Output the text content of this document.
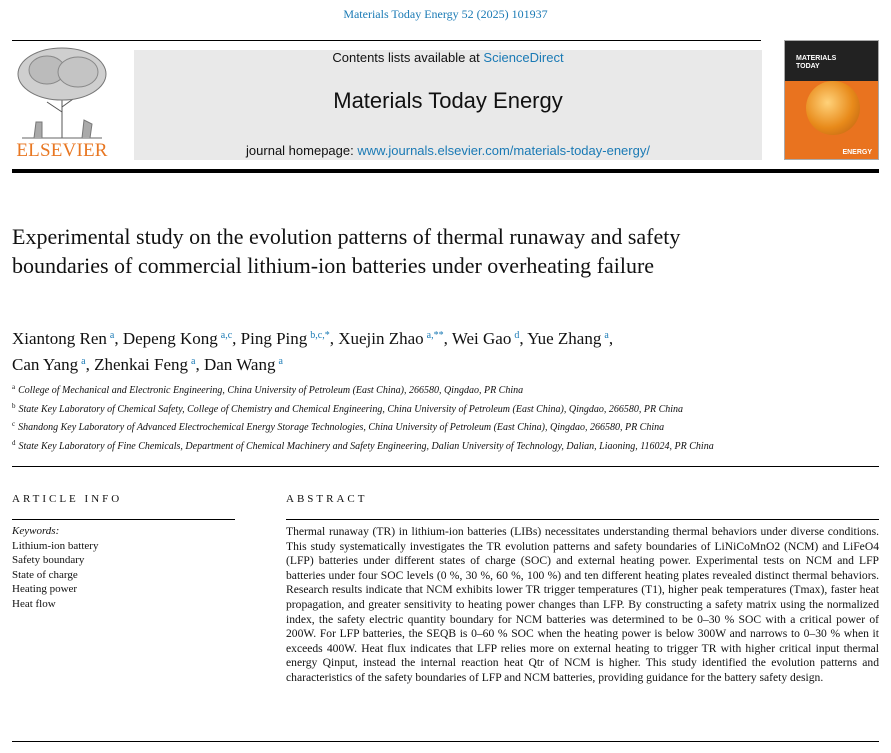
Materials Today Energy 52 (2025) 101937
ELSEVIER
Contents lists available at ScienceDirect
Materials Today Energy
journal homepage: www.journals.elsevier.com/materials-today-energy/
MATERIALS
TODAY
ENERGY
Experimental study on the evolution patterns of thermal runaway and safety boundaries of commercial lithium-ion batteries under overheating failure
Xiantong Ren $^a$, Depeng Kong $^{a,c}$, Ping Ping $^{b,c,*}$, Xuejin Zhao $^{a,**}$, Wei Gao $^d$, Yue Zhang $^a$,
Can Yang $^a$, Zhenkai Feng $^a$, Dan Wang $^a$
$^a$ College of Mechanical and Electronic Engineering, China University of Petroleum (East China), 266580, Qingdao, PR China
$^b$ State Key Laboratory of Chemical Safety, College of Chemistry and Chemical Engineering, China University of Petroleum (East China), Qingdao, 266580, PR China
$^c$ Shandong Key Laboratory of Advanced Electrochemical Energy Storage Technologies, China University of Petroleum (East China), Qingdao, 266580, PR China
$^d$ State Key Laboratory of Fine Chemicals, Department of Chemical Machinery and Safety Engineering, Dalian University of Technology, Dalian, Liaoning, 116024, PR China
ARTICLE INFO
Keywords:
Lithium-ion battery
Safety boundary
State of charge
Heating power
Heat flow
ABSTRACT
Thermal runaway (TR) in lithium-ion batteries (LIBs) necessitates understanding thermal behaviors under diverse conditions. This study systematically investigates the TR evolution patterns and safety boundaries of LiNiCoMnO2 (NCM) and LiFeO4 (LFP) batteries under different states of charge (SOC) and external heating power. Experimental tests on NCM and LFP batteries under four SOC levels (0 %, 30 %, 60 %, 100 %) and ten different heating plates revealed distinct thermal behaviors. Research results indicate that NCM exhibits lower TR trigger temperatures (T1), higher peak temperatures (Tmax), faster heat propagation, and greater sensitivity to heating power changes than LFP. By constructing a safety matrix using the normalized index, the safety electric quantity boundary for NCM batteries was determined to be 0–30 % SOC with a critical power of 200W. For LFP batteries, the SEQB is 0–60 % SOC when the heating power is below 300W and narrows to 0–30 % when it exceeds 400W. Heat flux indicates that LFP relies more on external heating to trigger TR with higher critical input thermal energy Qinput, instead the internal reaction heat Qtr of NCM is higher. This study identified the evolution patterns and characteristics of the safety boundaries of LFP and NCM batteries, providing guidance for the battery safety design.
